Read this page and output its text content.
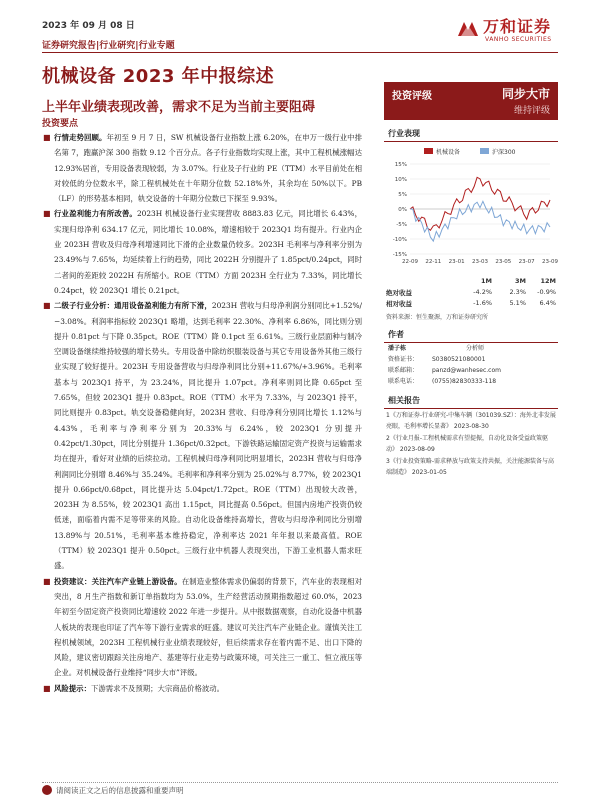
2023 年 09 月 08 日
证券研究报告|行业研究|行业专题
万和证券
VANHO SECURITIES
机械设备 2023 年中报综述
上半年业绩表现改善，需求不足为当前主要阻碍
投资要点
■ 行情走势回顾。年初至 9 月 7 日，SW 机械设备行业指数上涨 6.20%，在申万一级行业中排名第 7，跑赢沪深 300 指数 9.12 个百分点。各子行业指数均实现上涨，其中工程机械涨幅达 12.93%居首，专用设备表现较弱，为 3.07%。行业及子行业的 PE（TTM）水平目前处在相对较低的分位数水平，除工程机械处在十年期分位数 52.18%外，其余均在 50%以下。PB（LF）的形势基本相同，轨交设备的十年期分位数已下探至 9.93%。
■ 行业盈利能力有所改善。2023H 机械设备行业实现营收 8883.83 亿元，同比增长 6.43%，实现归母净利 634.17 亿元，同比增长 10.08%，增速相较于 2023Q1 均有提升。行业内企业 2023H 营收及归母净利增速同比下滑的企业数量仍较多。2023H 毛利率与净利率分别为 23.49%与 7.65%，均延续着上行的趋势，同比 2022H 分别提升了 1.85pct/0.24pct，同时二者间的差距较 2022H 有所缩小。ROE（TTM）方面 2023H 全行业为 7.33%，同比增长 0.24pct，较 2023Q1 增长 0.21pct。
■ 二级子行业分析：通用设备盈利能力有所下滑，2023H 营收与归母净利润分别同比+1.52%/−3.08%。利润率指标较 2023Q1 略增，达到毛利率 22.30%、净利率 6.86%，同比则分别提升 0.81pct 与下降 0.35pct。ROE（TTM）降 0.1pct 至 6.61%。三级行业层面种与制冷空调设备继续维持较强的增长势头。专用设备中除纺织服装设备与其它专用设备外其他三级行业实现了较好提升。2023H 专用设备营收与归母净利同比分别+11.67%/+3.96%。毛利率基本与 2023Q1 持平，为 23.24%，同比提升 1.07pct。净利率则同比降 0.65pct 至 7.65%，但较 2023Q1 提升 0.83pct。ROE（TTM）水平为 7.33%，与 2023Q1 持平，同比则提升 0.83pct。轨交设备稳健向好，2023H 营收、归母净利分别同比增长 1.12%与 4.43%，毛利率与净利率分别为 20.33%与 6.24%，较 2023Q1 分别提升 0.42pct/1.30pct，同比分别提升 1.36pct/0.32pct。下游铁路运输固定资产投资与运输需求均在提升，看好对业绩的后续拉动。工程机械归母净利同比明显增长，2023H 营收与归母净利润同比分别增 8.46%与 35.24%。毛利率和净利率分别为 25.02%与 8.77%，较 2023Q1 提升 0.66pct/0.68pct，同比提升达 5.04pct/1.72pct。ROE（TTM）出现较大改善，2023H 为 8.55%，较 2023Q1 高出 1.15pct，同比提高 0.56pct。但国内房地产投资仍较低迷，面临着内需不足等带来的风险。自动化设备维持高增长，营收与归母净利同比分别增 13.89%与 20.51%，毛利率基本维持稳定，净利率达 2021 年年报以来最高值。ROE（TTM）较 2023Q1 提升 0.50pct。三级行业中机器人表现突出，下游工业机器人需求旺盛。
■ 投资建议：关注汽车产业链上游设备。在制造业整体需求仍偏弱的背景下，汽车业的表现相对突出，8 月生产指数和新订单指数均为 53.0%，生产经营活动预期指数超过 60.0%，2023 年初至今固定资产投资同比增速较 2022 年进一步提升。从中报数据观察，自动化设备中机器人板块的表现也印证了汽车等下游行业需求的旺盛。建议可关注汽车产业链企业。谨慎关注工程机械领域，2023H 工程机械行业业绩表现较好，但后续需求存在着内需不足、出口下降的风险，建议密切跟踪关注房地产、基建等行业走势与政策环境，可关注三一重工、恒立液压等企业。对机械设备行业维持“同步大市”评级。
■ 风险提示：下游需求不及预期；大宗商品价格波动。
投资评级	同步大市
维持评级
行业表现
机械设备	沪深300
15%
10%
5%
0%
-5%
-10%
-15%
22-09 22-11 23-01 23-03 23-05 23-07 23-09
1M	3M	12M
绝对收益	-4.2%	2.3%	-0.9%
相对收益	-1.6%	5.1%	6.4%
资料来源：恒生聚源，万和证券研究所
作者
潘子栋	分析师
资格证书： S0380521080001
联系邮箱： panzd@wanhesec.com
联系电话： (0755)82830333-118
相关报告

1《万和证券-行业研究-中集车辆（301039.SZ）：海外北非发展亮眼，毛利率增长显著》 2023-08-30

2《行业月报-工程机械需求有望提振，自动化设备受益政策驱动》 2023-08-09

3《行业投资策略-需求释放与政策支持共振，关注能源装备与高端制造》 2023-01-05

请阅读正文之后的信息披露和重要声明
